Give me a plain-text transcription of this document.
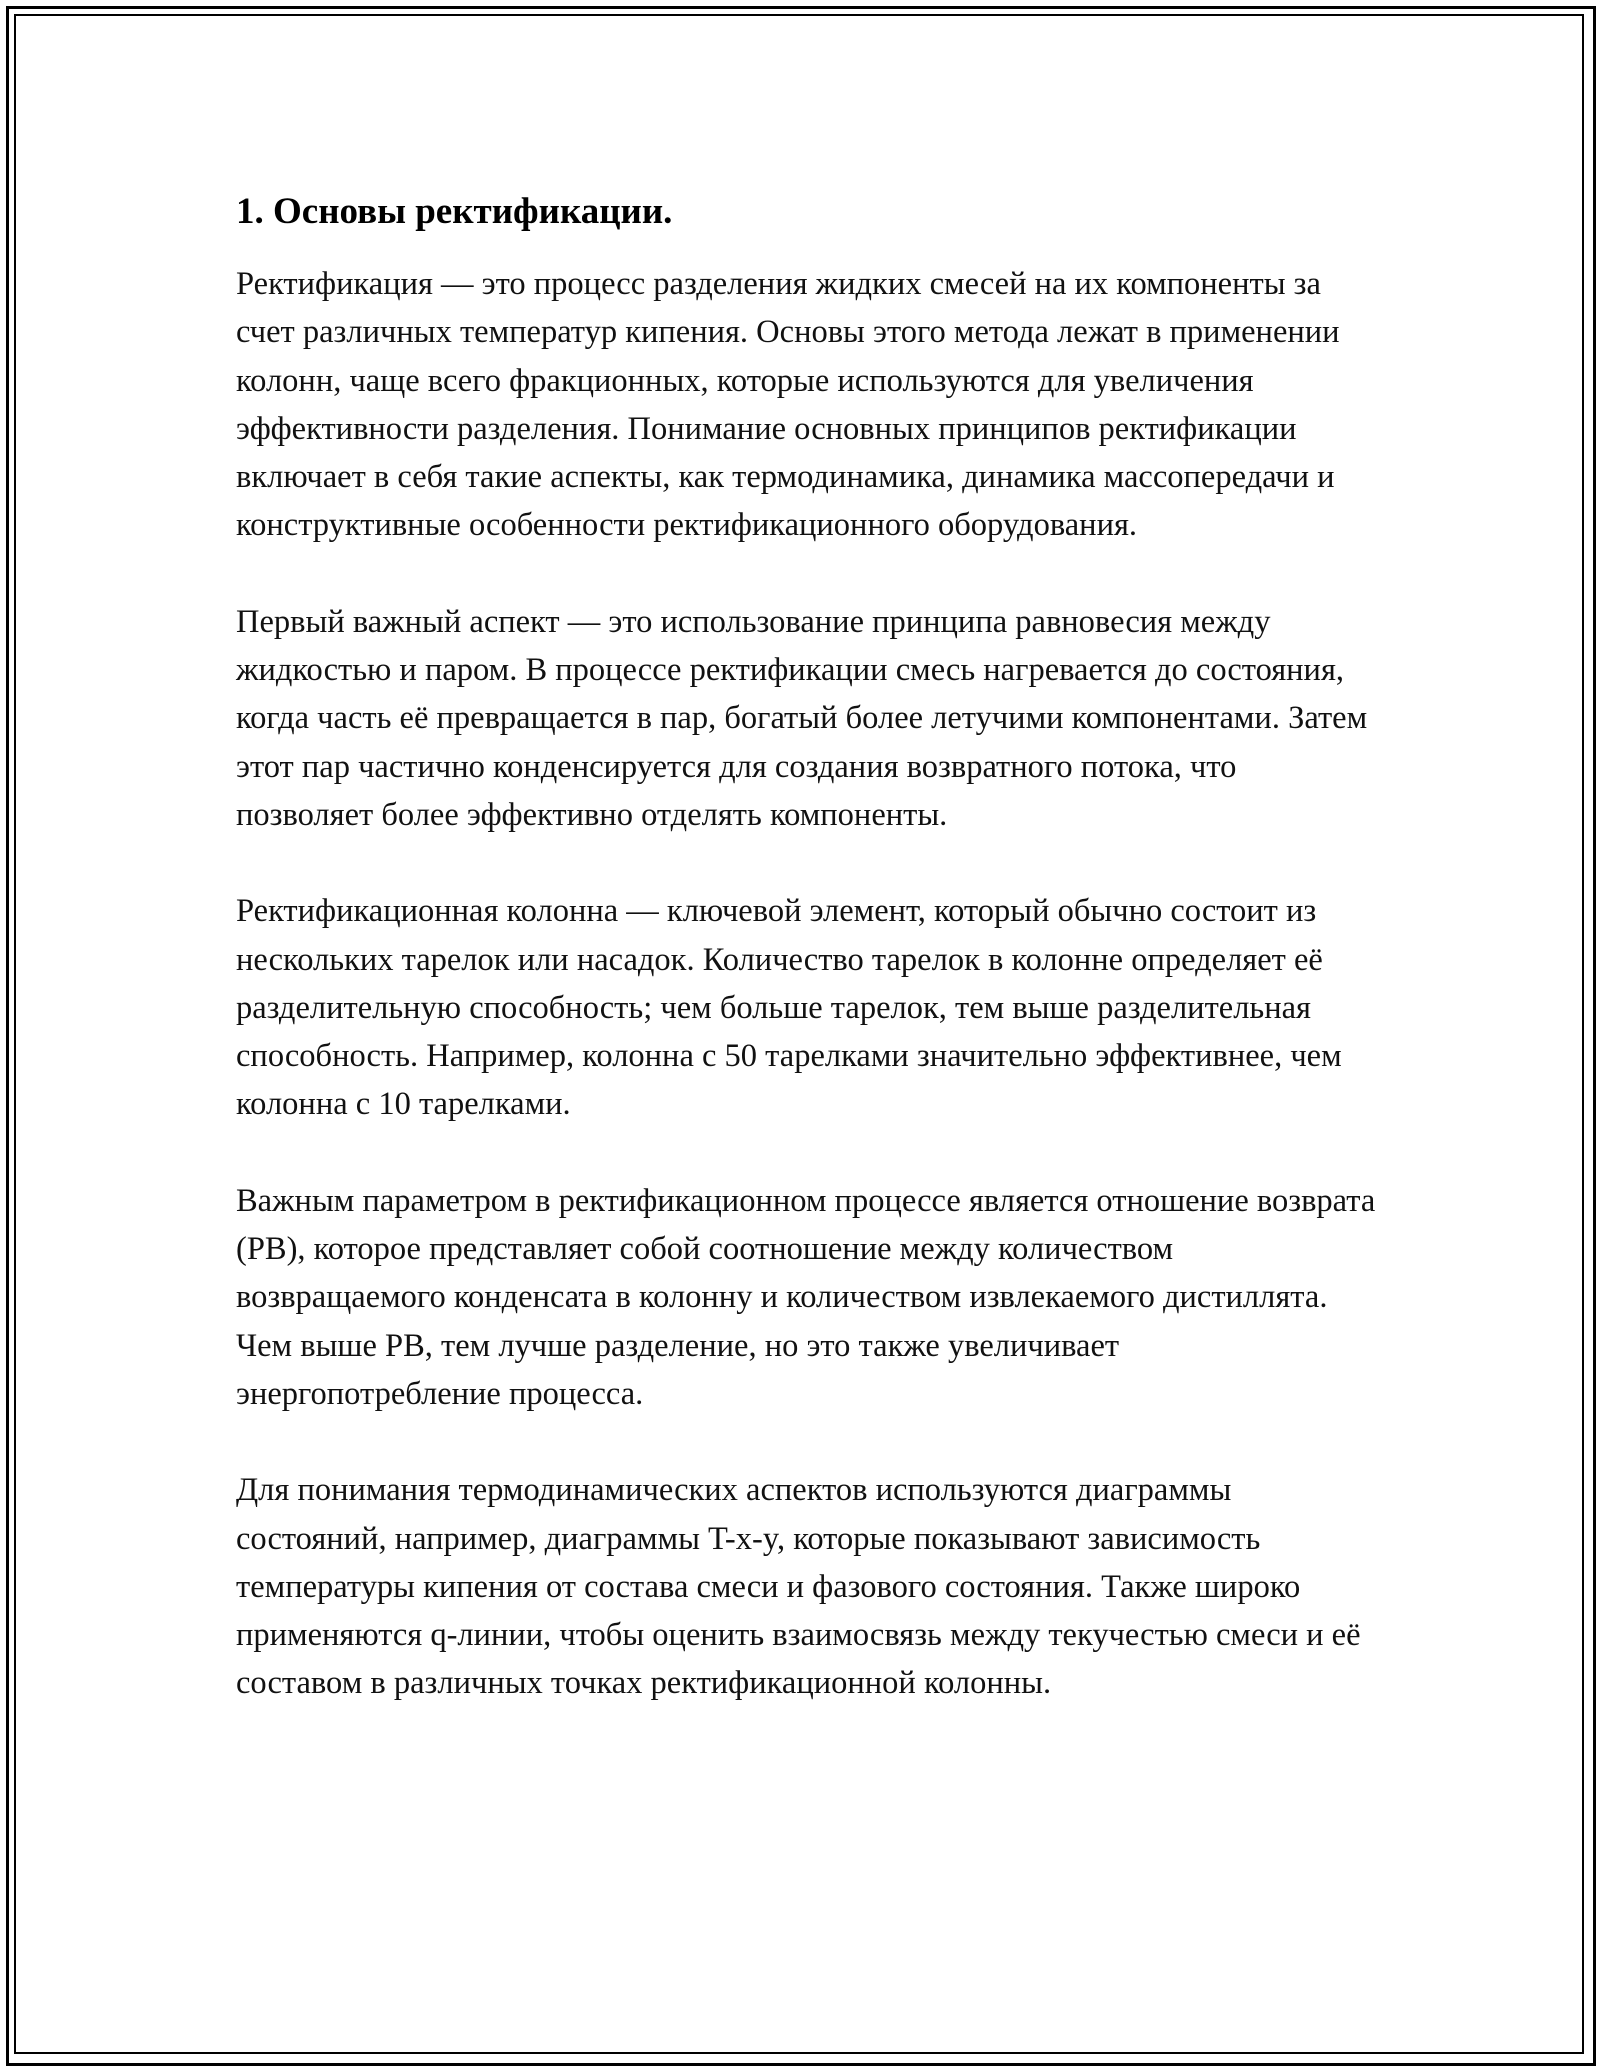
1. Основы ректификации.

Ректификация — это процесс разделения жидких смесей на их компоненты за счет различных температур кипения. Основы этого метода лежат в применении колонн, чаще всего фракционных, которые используются для увеличения эффективности разделения. Понимание основных принципов ректификации включает в себя такие аспекты, как термодинамика, динамика массопередачи и конструктивные особенности ректификационного оборудования.

Первый важный аспект — это использование принципа равновесия между жидкостью и паром. В процессе ректификации смесь нагревается до состояния, когда часть её превращается в пар, богатый более летучими компонентами. Затем этот пар частично конденсируется для создания возвратного потока, что позволяет более эффективно отделять компоненты.

Ректификационная колонна — ключевой элемент, который обычно состоит из нескольких тарелок или насадок. Количество тарелок в колонне определяет её разделительную способность; чем больше тарелок, тем выше разделительная способность. Например, колонна с 50 тарелками значительно эффективнее, чем колонна с 10 тарелками.

Важным параметром в ректификационном процессе является отношение возврата (РВ), которое представляет собой соотношение между количеством возвращаемого конденсата в колонну и количеством извлекаемого дистиллята. Чем выше РВ, тем лучше разделение, но это также увеличивает энергопотребление процесса.

Для понимания термодинамических аспектов используются диаграммы состояний, например, диаграммы T-x-y, которые показывают зависимость температуры кипения от состава смеси и фазового состояния. Также широко применяются q-линии, чтобы оценить взаимосвязь между текучестью смеси и её составом в различных точках ректификационной колонны.
